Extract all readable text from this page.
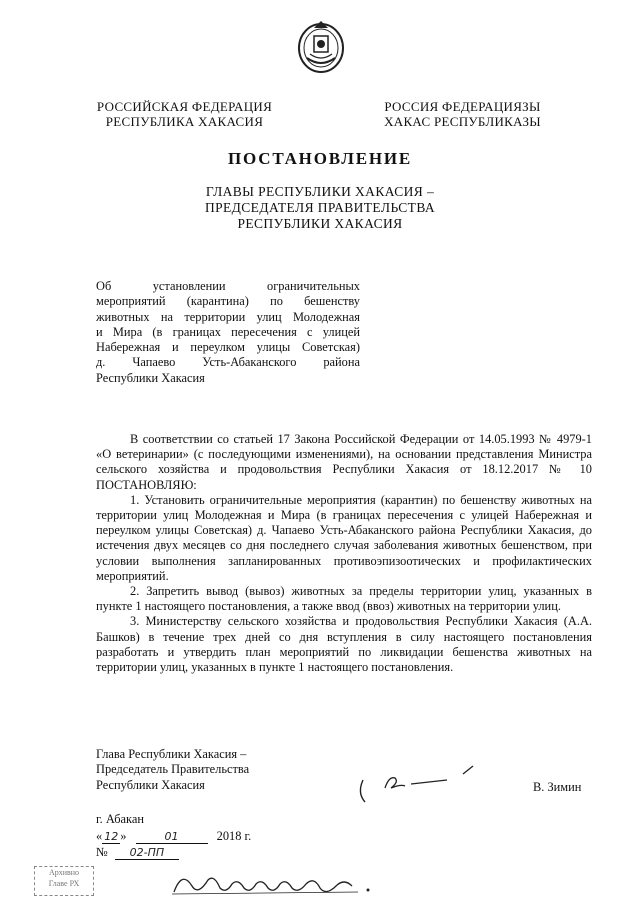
РОССИЙСКАЯ ФЕДЕРАЦИЯ
РЕСПУБЛИКА ХАКАСИЯ
РОССИЯ ФЕДЕРАЦИЯЗЫ
ХАКАС РЕСПУБЛИКАЗЫ
ПОСТАНОВЛЕНИЕ
ГЛАВЫ РЕСПУБЛИКИ ХАКАСИЯ –
ПРЕДСЕДАТЕЛЯ ПРАВИТЕЛЬСТВА
РЕСПУБЛИКИ ХАКАСИЯ
Об установлении ограничительных
мероприятий (карантина) по бешенству
животных на территории улиц Молодежная
и Мира (в границах пересечения с улицей
Набережная и переулком улицы Советская)
д. Чапаево Усть-Абаканского района
Республики Хакасия

В соответствии со статьей 17 Закона Российской Федерации от 14.05.1993 № 4979-1 «О ветеринарии» (с последующими изменениями), на основании представления Министра сельского хозяйства и продовольствия Республики Хакасия от 18.12.2017 № 10 ПОСТАНОВЛЯЮ:

1. Установить ограничительные мероприятия (карантин) по бешенству животных на территории улиц Молодежная и Мира (в границах пересечения с улицей Набережная и переулком улицы Советская) д. Чапаево Усть-Абаканского района Республики Хакасия, до истечения двух месяцев со дня последнего случая заболевания животных бешенством, при условии выполнения запланированных противоэпизоотических и профилактических мероприятий.

2. Запретить вывод (вывоз) животных за пределы территории улиц, указанных в пункте 1 настоящего постановления, а также ввод (ввоз) животных на территории улиц.

3. Министерству сельского хозяйства и продовольствия Республики Хакасия (А.А. Башков) в течение трех дней со дня вступления в силу настоящего постановления разработать и утвердить план мероприятий по ликвидации бешенства животных на территории улиц, указанных в пункте 1 настоящего постановления.

Глава Республики Хакасия –
Председатель Правительства
Республики Хакасия	В. Зимин
г. Абакан
« 12 »	01	2018 г.
№ 02-ПП
Архивно
Главе РХ
